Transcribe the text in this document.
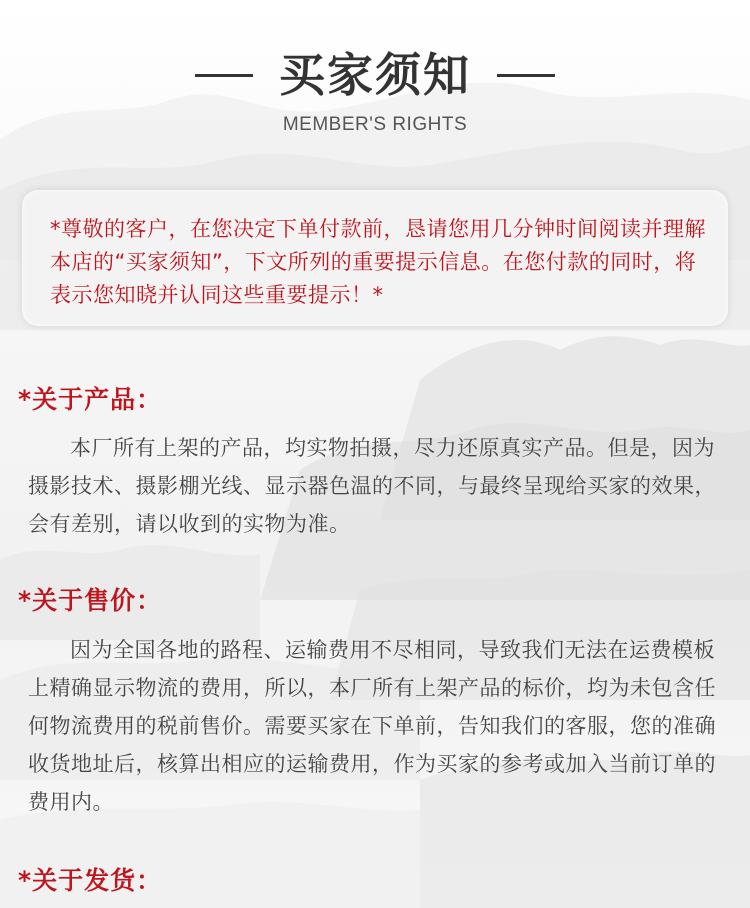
买家须知
MEMBER'S RIGHTS
*尊敬的客户，在您决定下单付款前，恳请您用几分钟时间阅读并理解本店的“买家须知”，下文所列的重要提示信息。在您付款的同时，将表示您知晓并认同这些重要提示！*
*关于产品：
本厂所有上架的产品，均实物拍摄，尽力还原真实产品。但是，因为摄影技术、摄影棚光线、显示器色温的不同，与最终呈现给买家的效果，会有差别，请以收到的实物为准。
*关于售价：
因为全国各地的路程、运输费用不尽相同，导致我们无法在运费模板上精确显示物流的费用，所以，本厂所有上架产品的标价，均为未包含任何物流费用的税前售价。需要买家在下单前，告知我们的客服，您的准确收货地址后，核算出相应的运输费用，作为买家的参考或加入当前订单的费用内。
*关于发货：
